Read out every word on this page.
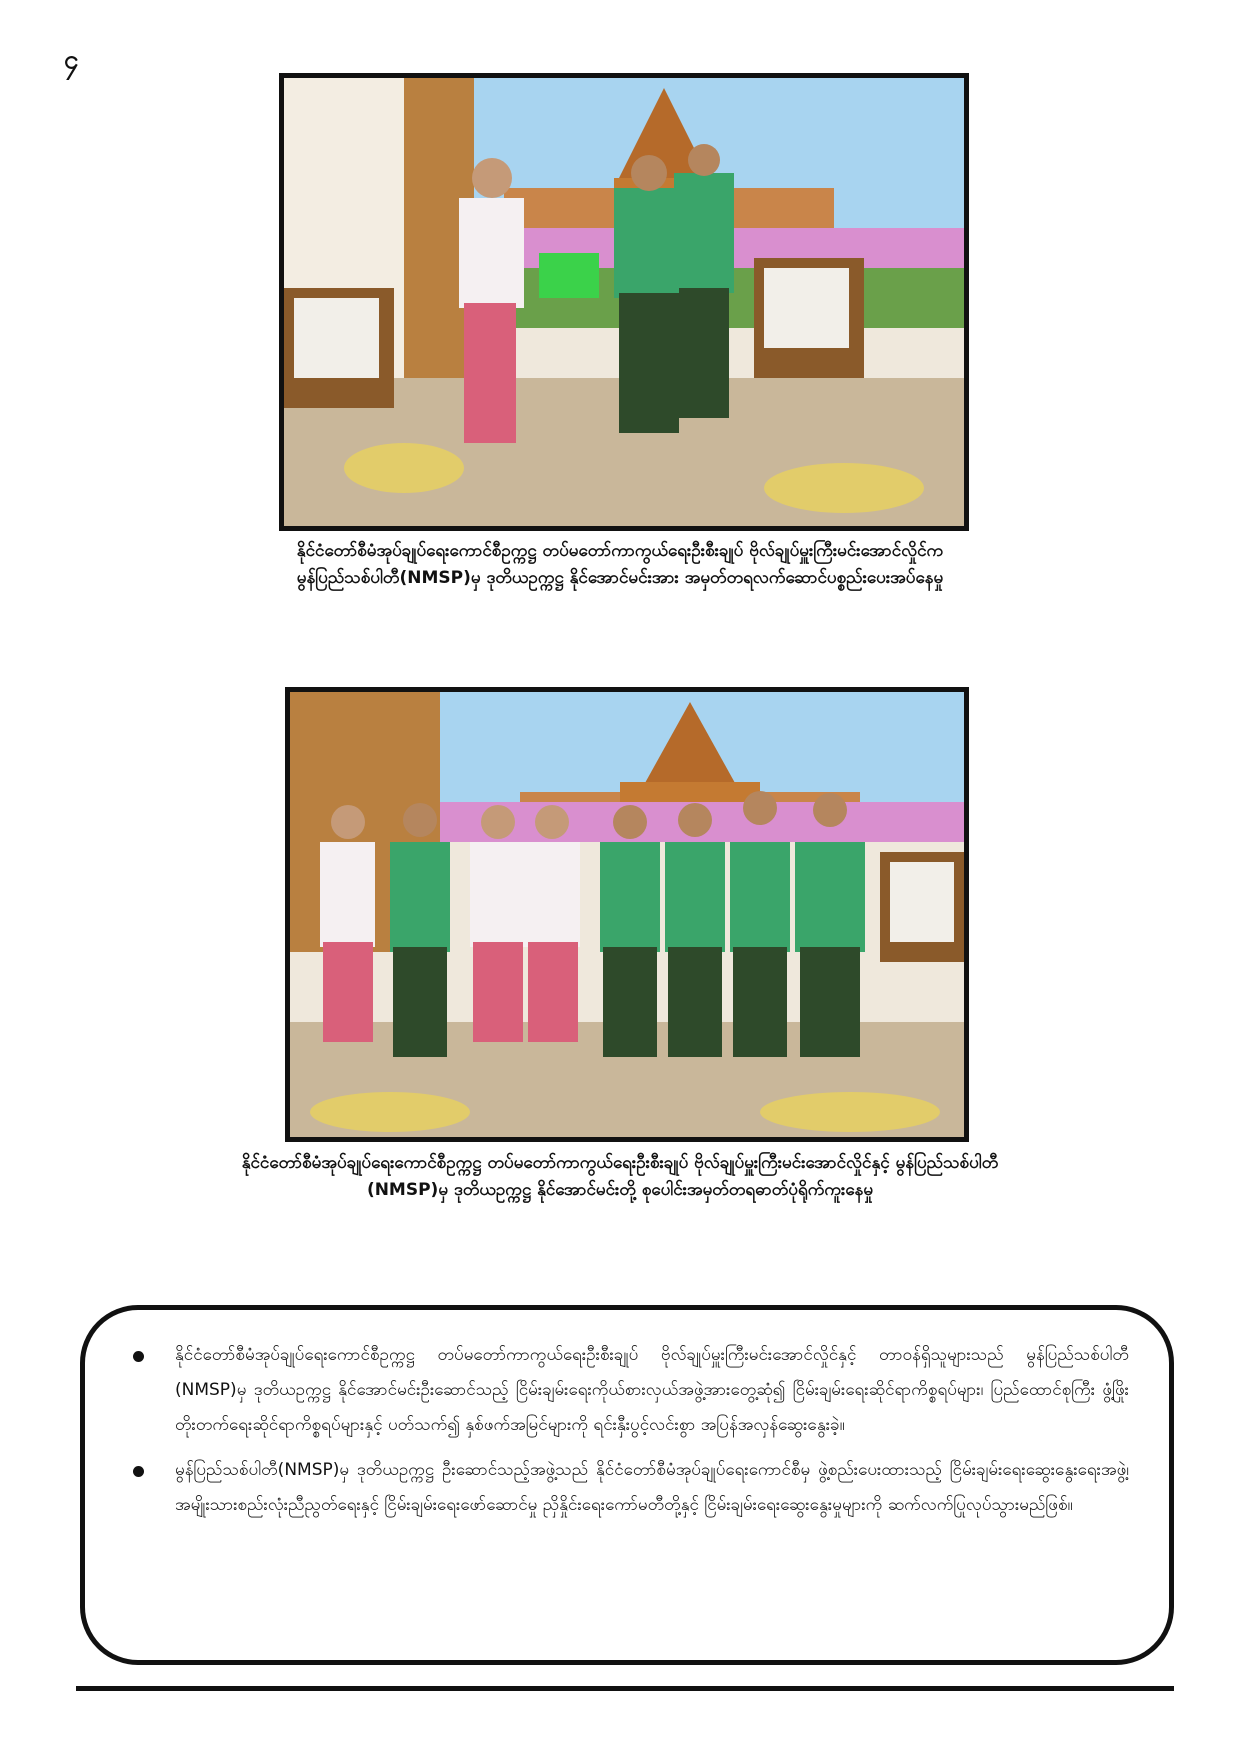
၄
နိုင်ငံတော်စီမံအုပ်ချုပ်ရေးကောင်စီဥက္ကဋ္ဌ တပ်မတော်ကာကွယ်ရေးဦးစီးချုပ် ဗိုလ်ချုပ်မှူးကြီးမင်းအောင်လှိုင်က
မွန်ပြည်သစ်ပါတီ(NMSP)မှ ဒုတိယဥက္ကဋ္ဌ နိုင်အောင်မင်းအား အမှတ်တရလက်ဆောင်ပစ္စည်းပေးအပ်နေမှု
နိုင်ငံတော်စီမံအုပ်ချုပ်ရေးကောင်စီဥက္ကဋ္ဌ တပ်မတော်ကာကွယ်ရေးဦးစီးချုပ် ဗိုလ်ချုပ်မှူးကြီးမင်းအောင်လှိုင်နှင့် မွန်ပြည်သစ်ပါတီ
(NMSP)မှ ဒုတိယဥက္ကဋ္ဌ နိုင်အောင်မင်းတို့ စုပေါင်းအမှတ်တရဓာတ်ပုံရိုက်ကူးနေမှု
နိုင်ငံတော်စီမံအုပ်ချုပ်ရေးကောင်စီဥက္ကဋ္ဌ တပ်မတော်ကာကွယ်ရေးဦးစီးချုပ် ဗိုလ်ချုပ်မှူးကြီးမင်းအောင်လှိုင်နှင့် တာဝန်ရှိသူများသည် မွန်ပြည်သစ်ပါတီ (NMSP)မှ ဒုတိယဥက္ကဋ္ဌ နိုင်အောင်မင်းဦးဆောင်သည့် ငြိမ်းချမ်းရေးကိုယ်စားလှယ်အဖွဲ့အားတွေ့ဆုံ၍ ငြိမ်းချမ်းရေးဆိုင်ရာကိစ္စရပ်များ၊ ပြည်ထောင်စုကြီး ဖွံ့ဖြိုးတိုးတက်ရေးဆိုင်ရာကိစ္စရပ်များနှင့် ပတ်သက်၍ နှစ်ဖက်အမြင်များကို ရင်းနှီးပွင့်လင်းစွာ အပြန်အလှန်ဆွေးနွေးခဲ့။
မွန်ပြည်သစ်ပါတီ(NMSP)မှ ဒုတိယဥက္ကဋ္ဌ ဦးဆောင်သည့်အဖွဲ့သည် နိုင်ငံတော်စီမံအုပ်ချုပ်ရေးကောင်စီမှ ဖွဲ့စည်းပေးထားသည့် ငြိမ်းချမ်းရေးဆွေးနွေးရေးအဖွဲ့၊ အမျိုးသားစည်းလုံးညီညွတ်ရေးနှင့် ငြိမ်းချမ်းရေးဖော်ဆောင်မှု ညှိနှိုင်းရေးကော်မတီတို့နှင့် ငြိမ်းချမ်းရေးဆွေးနွေးမှုများကို ဆက်လက်ပြုလုပ်သွားမည်ဖြစ်။
